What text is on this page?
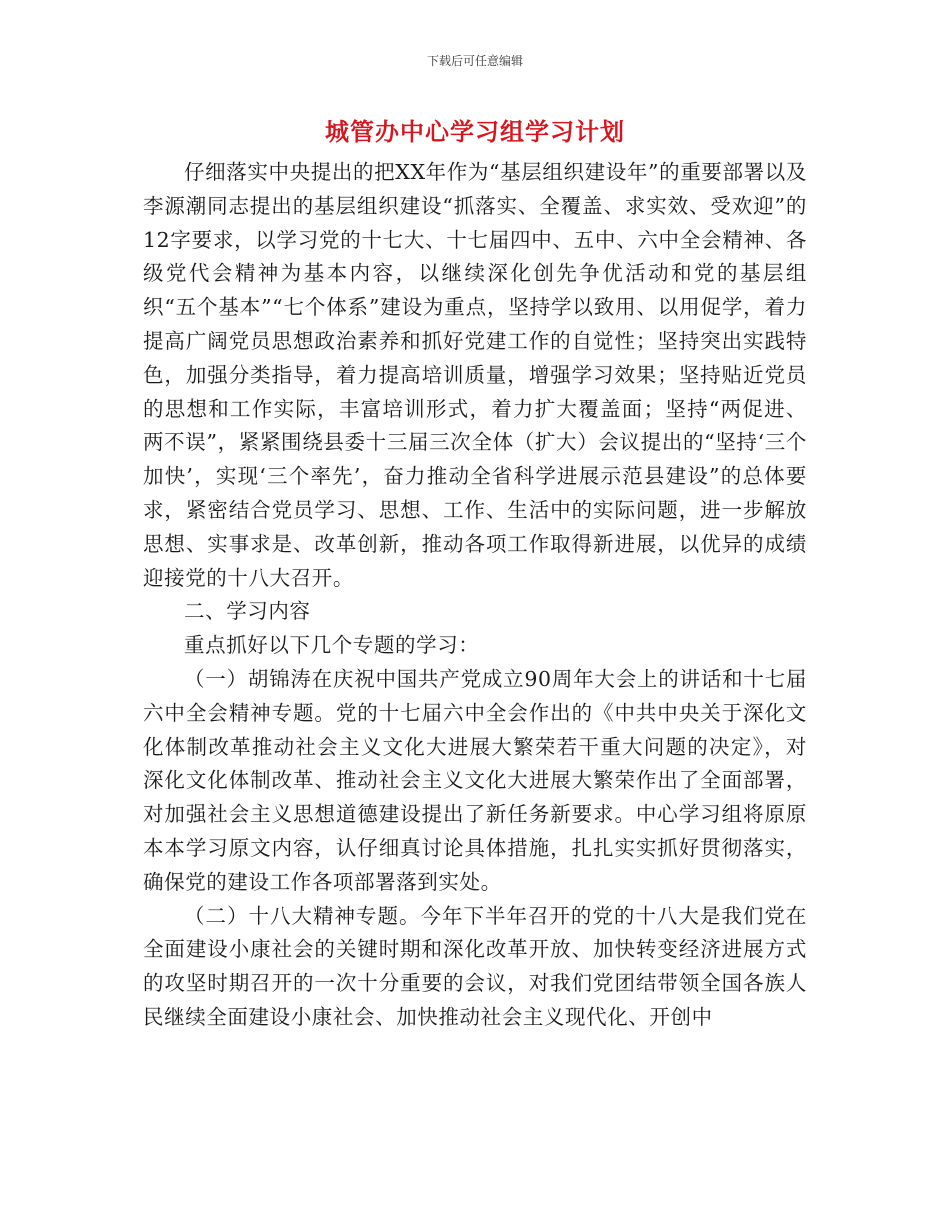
下载后可任意编辑
城管办中心学习组学习计划

仔细落实中央提出的把XX年作为“基层组织建设年”的重要部署以及李源潮同志提出的基层组织建设“抓落实、全覆盖、求实效、受欢迎”的12字要求，以学习党的十七大、十七届四中、五中、六中全会精神、各级党代会精神为基本内容，以继续深化创先争优活动和党的基层组织“五个基本”“七个体系”建设为重点，坚持学以致用、以用促学，着力提高广阔党员思想政治素养和抓好党建工作的自觉性；坚持突出实践特色，加强分类指导，着力提高培训质量，增强学习效果；坚持贴近党员的思想和工作实际，丰富培训形式，着力扩大覆盖面；坚持“两促进、两不误”，紧紧围绕县委十三届三次全体（扩大）会议提出的“坚持‘三个加快’，实现‘三个率先’，奋力推动全省科学进展示范县建设”的总体要求，紧密结合党员学习、思想、工作、生活中的实际问题，进一步解放思想、实事求是、改革创新，推动各项工作取得新进展，以优异的成绩迎接党的十八大召开。

二、学习内容

重点抓好以下几个专题的学习：

（一）胡锦涛在庆祝中国共产党成立90周年大会上的讲话和十七届六中全会精神专题。党的十七届六中全会作出的《中共中央关于深化文化体制改革推动社会主义文化大进展大繁荣若干重大问题的决定》，对深化文化体制改革、推动社会主义文化大进展大繁荣作出了全面部署，对加强社会主义思想道德建设提出了新任务新要求。中心学习组将原原本本学习原文内容，认仔细真讨论具体措施，扎扎实实抓好贯彻落实，确保党的建设工作各项部署落到实处。

（二）十八大精神专题。今年下半年召开的党的十八大是我们党在全面建设小康社会的关键时期和深化改革开放、加快转变经济进展方式的攻坚时期召开的一次十分重要的会议，对我们党团结带领全国各族人民继续全面建设小康社会、加快推动社会主义现代化、开创中
